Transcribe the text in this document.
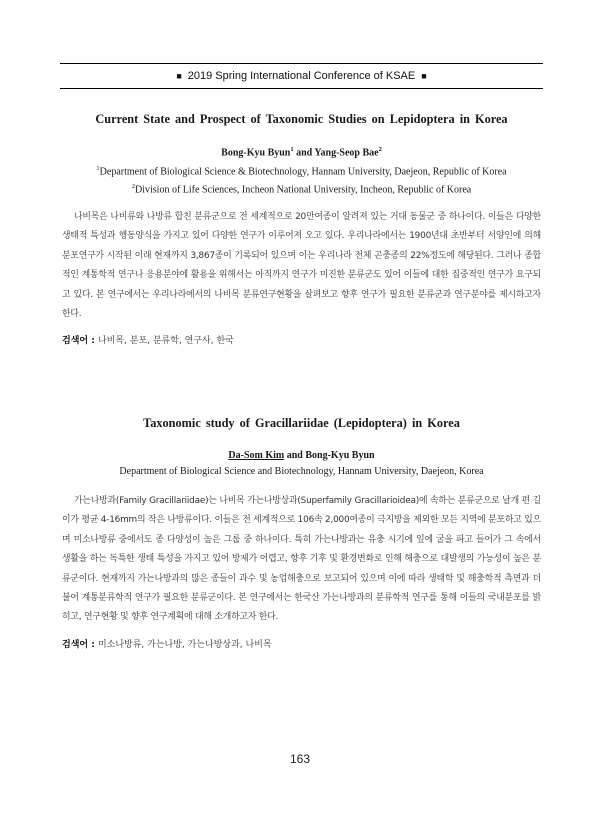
■ 2019 Spring International Conference of KSAE ■
Current State and Prospect of Taxonomic Studies on Lepidoptera in Korea
Bong-Kyu Byun$^1$ and Yang-Seop Bae$^2$
$^1$Department of Biological Science & Biotechnology, Hannam University, Daejeon, Republic of Korea
$^2$Division of Life Sciences, Incheon National University, Incheon, Republic of Korea

나비목은 나비류와 나방류 합친 분류군으로 전 세계적으로 20만여종이 알려져 있는 거대 동물군 중 하나이다. 이들은 다양한 생태적 특성과 행동양식을 가지고 있어 다양한 연구가 이루어져 오고 있다. 우리나라에서는 1900년대 초반부터 서양인에 의해 분포연구가 시작된 이래 현재까지 3,867종이 기록되어 있으며 이는 우리나라 전체 곤충종의 22%정도에 해당된다. 그러나 종합적인 계통학적 연구나 응용분야에 활용을 위해서는 아직까지 연구가 미진한 분류군도 있어 이들에 대한 집중적인 연구가 요구되고 있다. 본 연구에서는 우리나라에서의 나비목 분류연구현황을 살펴보고 향후 연구가 필요한 분류군과 연구분야를 제시하고자 한다.

검색어 : 나비목, 분포, 분류학, 연구사, 한국
Taxonomic study of Gracillariidae (Lepidoptera) in Korea
Da-Som Kim and Bong-Kyu Byun
Department of Biological Science and Biotechnology, Hannam University, Daejeon, Korea

가는나방과(Family Gracillariidae)는 나비목 가는나방상과(Superfamily Gracillarioidea)에 속하는 분류군으로 날개 편 길이가 평균 4-16mm의 작은 나방류이다. 이들은 전 세계적으로 106속 2,000여종이 극지방을 제외한 모든 지역에 분포하고 있으며 미소나방류 중에서도 종 다양성이 높은 그룹 중 하나이다. 특히 가는나방과는 유충 시기에 잎에 굴을 파고 들어가 그 속에서 생활을 하는 독특한 생태 특성을 가지고 있어 방제가 어렵고, 향후 기후 및 환경변화로 인해 해충으로 대발생의 가능성이 높은 분류군이다. 현재까지 가는나방과의 많은 종들이 과수 및 농업해충으로 보고되어 있으며 이에 따라 생태학 및 해충학적 측면과 더불어 계통분류학적 연구가 필요한 분류군이다. 본 연구에서는 한국산 가는나방과의 분류학적 연구를 통해 이들의 국내분포를 밝히고, 연구현황 및 향후 연구계획에 대해 소개하고자 한다.

검색어 : 미소나방류, 가는나방, 가는나방상과, 나비목
163
